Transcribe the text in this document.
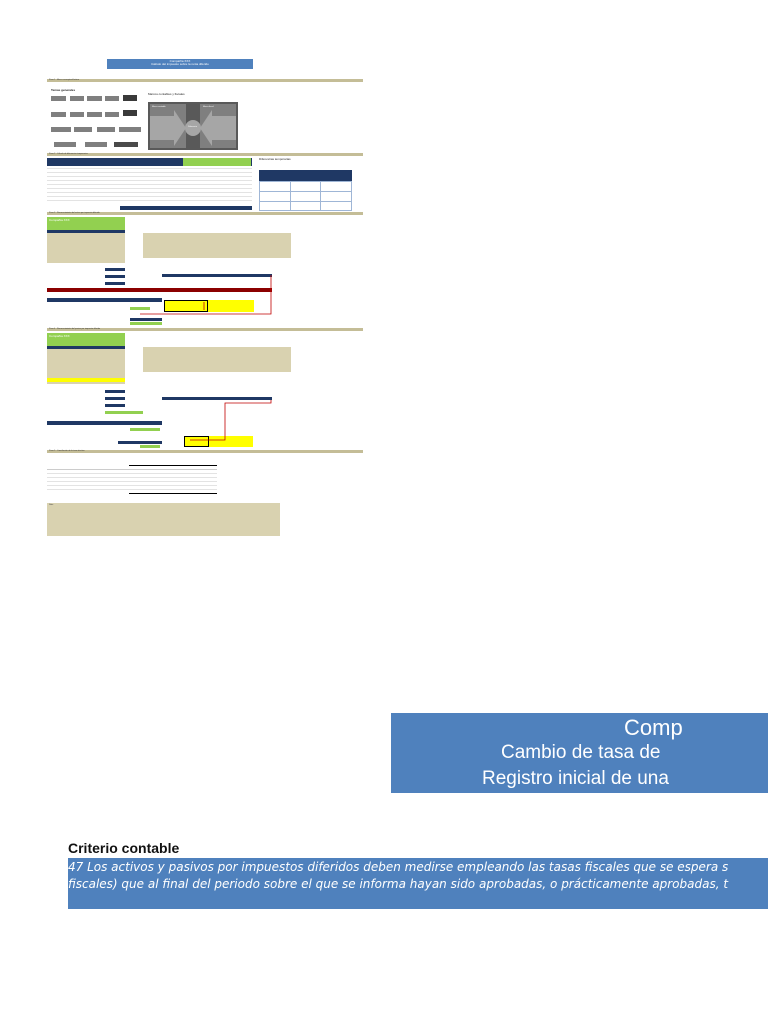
Compañía XXX
Cálculo del impuesto sobre la renta diferido
Paso 1 - Marco conceptual básico
Temas generales
Marcos contables y fiscales
Marco contable	Marco fiscal
Diferencia
Paso 2 - Cálculo de diferencias temporarias
Diferencias temporarias
Paso 3 - Reconocimiento del activo por impuesto diferido
Compañía XXX
Paso 4 - Reconocimiento del pasivo por impuesto diferido
Compañía XXX
Paso 5 - Conciliación de la tasa efectiva
Nota
Comp
Cambio de tasa de
Registro inicial de una
Criterio contable
47 Los activos y pasivos por impuestos diferidos deben medirse empleando las tasas fiscales que se espera s
fiscales) que al final del periodo sobre el que se informa hayan sido aprobadas, o prácticamente aprobadas, t
